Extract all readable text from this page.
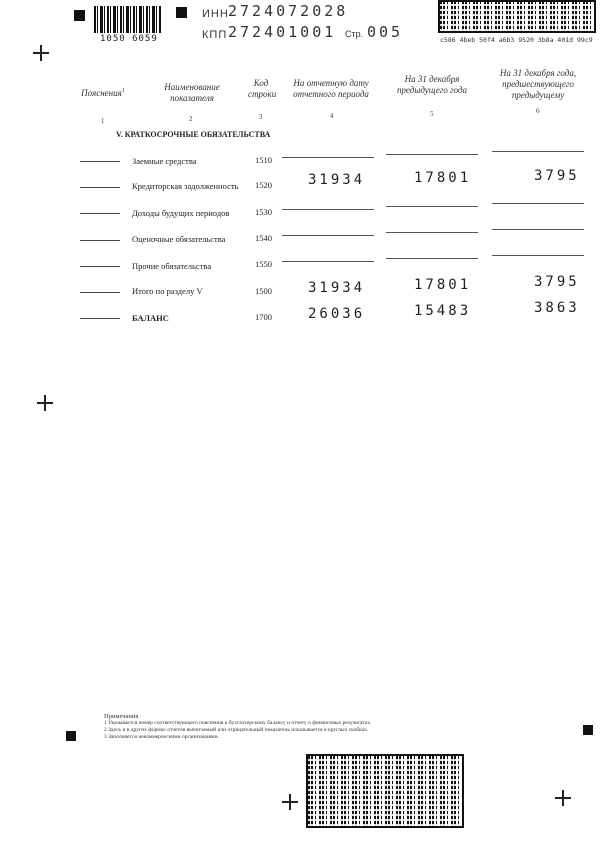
1050 6059
ИНН 2724072028
КПП 272401001 Стр. 005	c586 4beb 50f4 a6b3 9520 3b8a 401d 99c9
Пояснения$^1$	Наименование показателя
Код строки
На отчетную дату отчетного периода
На 31 декабря предыдущего года
На 31 декабря года, предшествующего предыдущему
1	2	3	4	5	6
V. КРАТКОСРОЧНЫЕ ОБЯЗАТЕЛЬСТВА
Заемные средства	1510
Кредиторская задолженность 1520	31934	17801	3795
Доходы будущих периодов	1530
Оценочные обязательства	1540
Прочие обязательства	1550
Итого по разделу V	1500	31934	17801	3795
БАЛАНС	1700	26036	15483	3863
Примечания
1 Указывается номер соответствующего пояснения к бухгалтерскому балансу и отчету о финансовых результатах.
2 Здесь и в других формах отчетов вычитаемый или отрицательный показатель показывается в круглых скобках.
3 Заполняется некоммерческими организациями.
